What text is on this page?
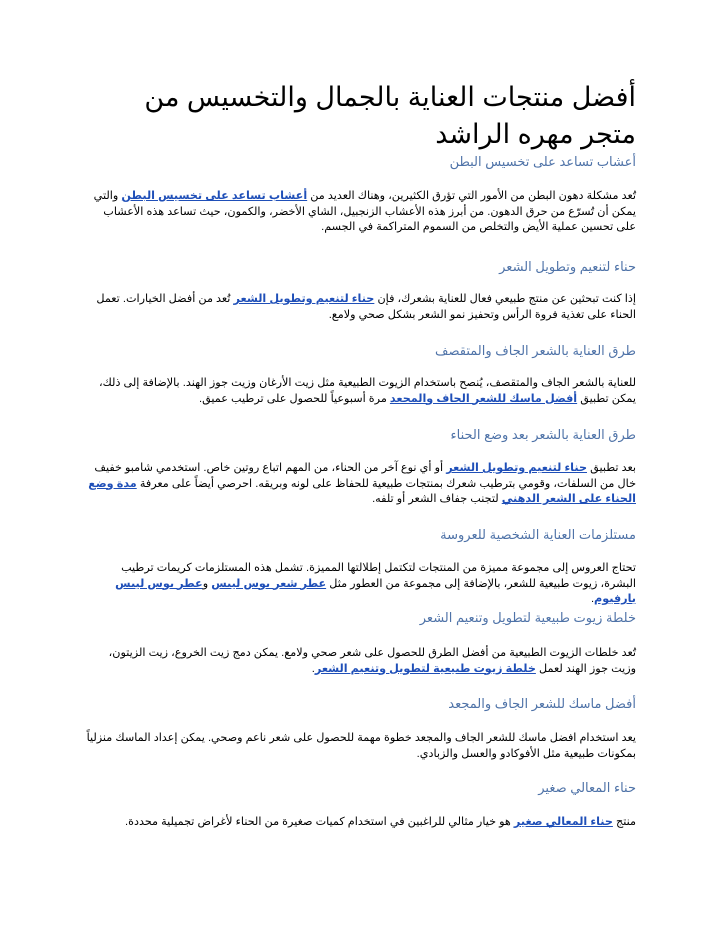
أفضل منتجات العناية بالجمال والتخسيس من متجر مهره الراشد
أعشاب تساعد على تخسيس البطن

تُعد مشكلة دهون البطن من الأمور التي تؤرق الكثيرين، وهناك العديد من أعشاب تساعد على تخسيس البطن والتي يمكن أن تُسرّع من حرق الدهون. من أبرز هذه الأعشاب الزنجبيل، الشاي الأخضر، والكمون، حيث تساعد هذه الأعشاب على تحسين عملية الأيض والتخلص من السموم المتراكمة في الجسم.

حناء لتنعيم وتطويل الشعر

إذا كنت تبحثين عن منتج طبيعي فعال للعناية بشعرك، فإن حناء لتنعيم وتطويل الشعر تُعد من أفضل الخيارات. تعمل الحناء على تغذية فروة الرأس وتحفيز نمو الشعر بشكل صحي ولامع.

طرق العناية بالشعر الجاف والمتقصف

للعناية بالشعر الجاف والمتقصف، يُنصح باستخدام الزيوت الطبيعية مثل زيت الأرغان وزيت جوز الهند. بالإضافة إلى ذلك، يمكن تطبيق أفضل ماسك للشعر الجاف والمجعد مرة أسبوعياً للحصول على ترطيب عميق.

طرق العناية بالشعر بعد وضع الحناء

بعد تطبيق حناء لتنعيم وتطويل الشعر أو أي نوع آخر من الحناء، من المهم اتباع روتين خاص. استخدمي شامبو خفيف خال من السلفات، وقومي بترطيب شعرك بمنتجات طبيعية للحفاظ على لونه وبريقه. احرصي أيضاً على معرفة مدة وضع الحناء على الشعر الدهني لتجنب جفاف الشعر أو تلفه.

مستلزمات العناية الشخصية للعروسة

تحتاج العروس إلى مجموعة مميزة من المنتجات لتكتمل إطلالتها المميزة. تشمل هذه المستلزمات كريمات ترطيب البشرة، زيوت طبيعية للشعر، بالإضافة إلى مجموعة من العطور مثل عطر شعر بوس ليبس وعطر بوس ليبس بارفيوم.

خلطة زيوت طبيعية لتطويل وتنعيم الشعر

تُعد خلطات الزيوت الطبيعية من أفضل الطرق للحصول على شعر صحي ولامع. يمكن دمج زيت الخروع، زيت الزيتون، وزيت جوز الهند لعمل خلطة زيوت طبيعية لتطويل وتنعيم الشعر.

أفضل ماسك للشعر الجاف والمجعد

يعد استخدام افضل ماسك للشعر الجاف والمجعد خطوة مهمة للحصول على شعر ناعم وصحي. يمكن إعداد الماسك منزلياً بمكونات طبيعية مثل الأفوكادو والعسل والزبادي.

حناء المعالي صغير

منتج حناء المعالي صغير هو خيار مثالي للراغبين في استخدام كميات صغيرة من الحناء لأغراض تجميلية محددة.
